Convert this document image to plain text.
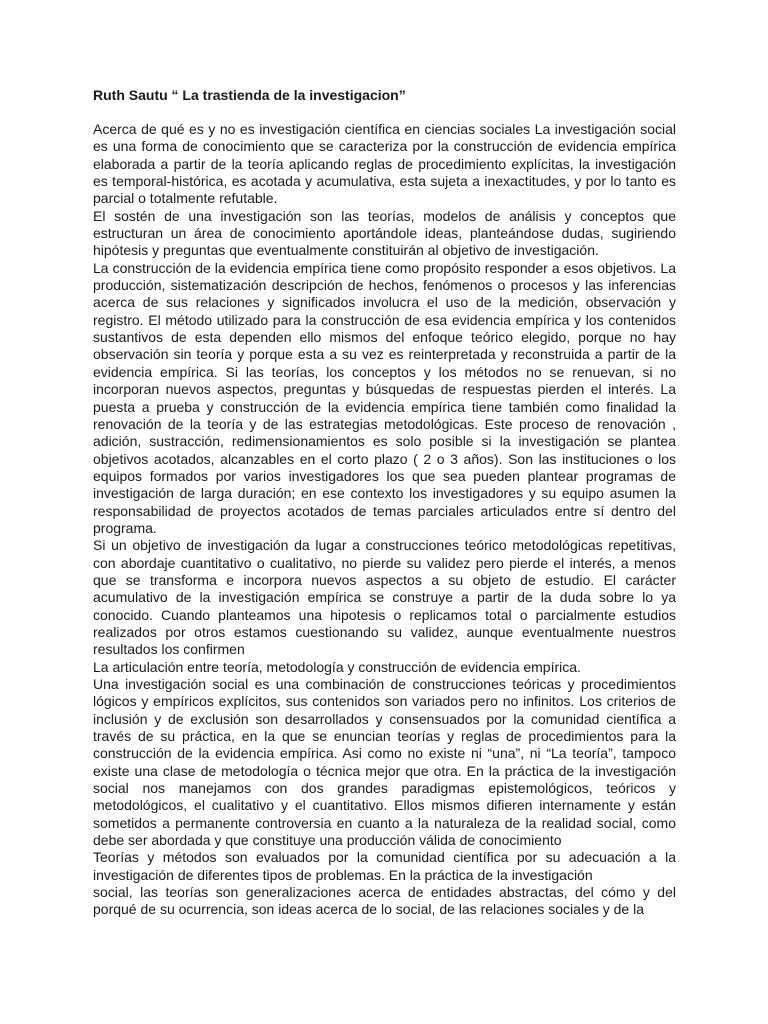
Ruth Sautu “ La trastienda de la investigacion”

Acerca de qué es y no es investigación científica en ciencias sociales La investigación social es una forma de conocimiento que se caracteriza por la construcción de evidencia empírica elaborada a partir de la teoría aplicando reglas de procedimiento explícitas, la investigación es temporal-histórica, es acotada y acumulativa, esta sujeta a inexactitudes, y por lo tanto es parcial o totalmente refutable.

El sostén de una investigación son las teorías, modelos de análisis y conceptos que estructuran un área de conocimiento aportándole ideas, planteándose dudas, sugiriendo hipótesis y preguntas que eventualmente constituirán al objetivo de investigación.

La construcción de la evidencia empírica tiene como propósito responder a esos objetivos. La producción, sistematización descripción de hechos, fenómenos o procesos y las inferencias acerca de sus relaciones y significados involucra el uso de la medición, observación y registro. El método utilizado para la construcción de esa evidencia empírica y los contenidos sustantivos de esta dependen ello mismos del enfoque teórico elegido, porque no hay observación sin teoría y porque esta a su vez es reinterpretada y reconstruida a partir de la evidencia empírica. Si las teorías, los conceptos y los métodos no se renuevan, si no incorporan nuevos aspectos, preguntas y búsquedas de respuestas pierden el interés. La puesta a prueba y construcción de la evidencia empírica tiene también como finalidad la renovación de la teoría y de las estrategias metodológicas. Este proceso de renovación , adición, sustracción, redimensionamientos es solo posible si la investigación se plantea objetivos acotados, alcanzables en el corto plazo ( 2 o 3 años). Son las instituciones o los equipos formados por varios investigadores los que sea pueden plantear programas de investigación de larga duración; en ese contexto los investigadores y su equipo asumen la responsabilidad de proyectos acotados de temas parciales articulados entre sí dentro del programa.

Si un objetivo de investigación da lugar a construcciones teórico metodológicas repetitivas, con abordaje cuantitativo o cualitativo, no pierde su validez pero pierde el interés, a menos que se transforma e incorpora nuevos aspectos a su objeto de estudio. El carácter acumulativo de la investigación empírica se construye a partir de la duda sobre lo ya conocido. Cuando planteamos una hipotesis o replicamos total o parcialmente estudios realizados por otros estamos cuestionando su validez, aunque eventualmente nuestros resultados los confirmen

La articulación entre teoría, metodología y construcción de evidencia empírica.

Una investigación social es una combinación de construcciones teóricas y procedimientos lógicos y empíricos explícitos, sus contenidos son variados pero no infinitos. Los criterios de inclusión y de exclusión son desarrollados y consensuados por la comunidad científica a través de su práctica, en la que se enuncian teorías y reglas de procedimientos para la construcción de la evidencia empírica. Asi como no existe ni “una”, ni “La teoría”, tampoco existe una clase de metodología o técnica mejor que otra. En la práctica de la investigación social nos manejamos con dos grandes paradigmas epistemológicos, teóricos y metodológicos, el cualitativo y el cuantitativo. Ellos mismos difieren internamente y están sometidos a permanente controversia en cuanto a la naturaleza de la realidad social, como debe ser abordada y que constituye una producción válida de conocimiento

Teorías y métodos son evaluados por la comunidad científica por su adecuación a la investigación de diferentes tipos de problemas. En la práctica de la investigación

social, las teorías son generalizaciones acerca de entidades abstractas, del cómo y del porqué de su ocurrencia, son ideas acerca de lo social, de las relaciones sociales y de la
